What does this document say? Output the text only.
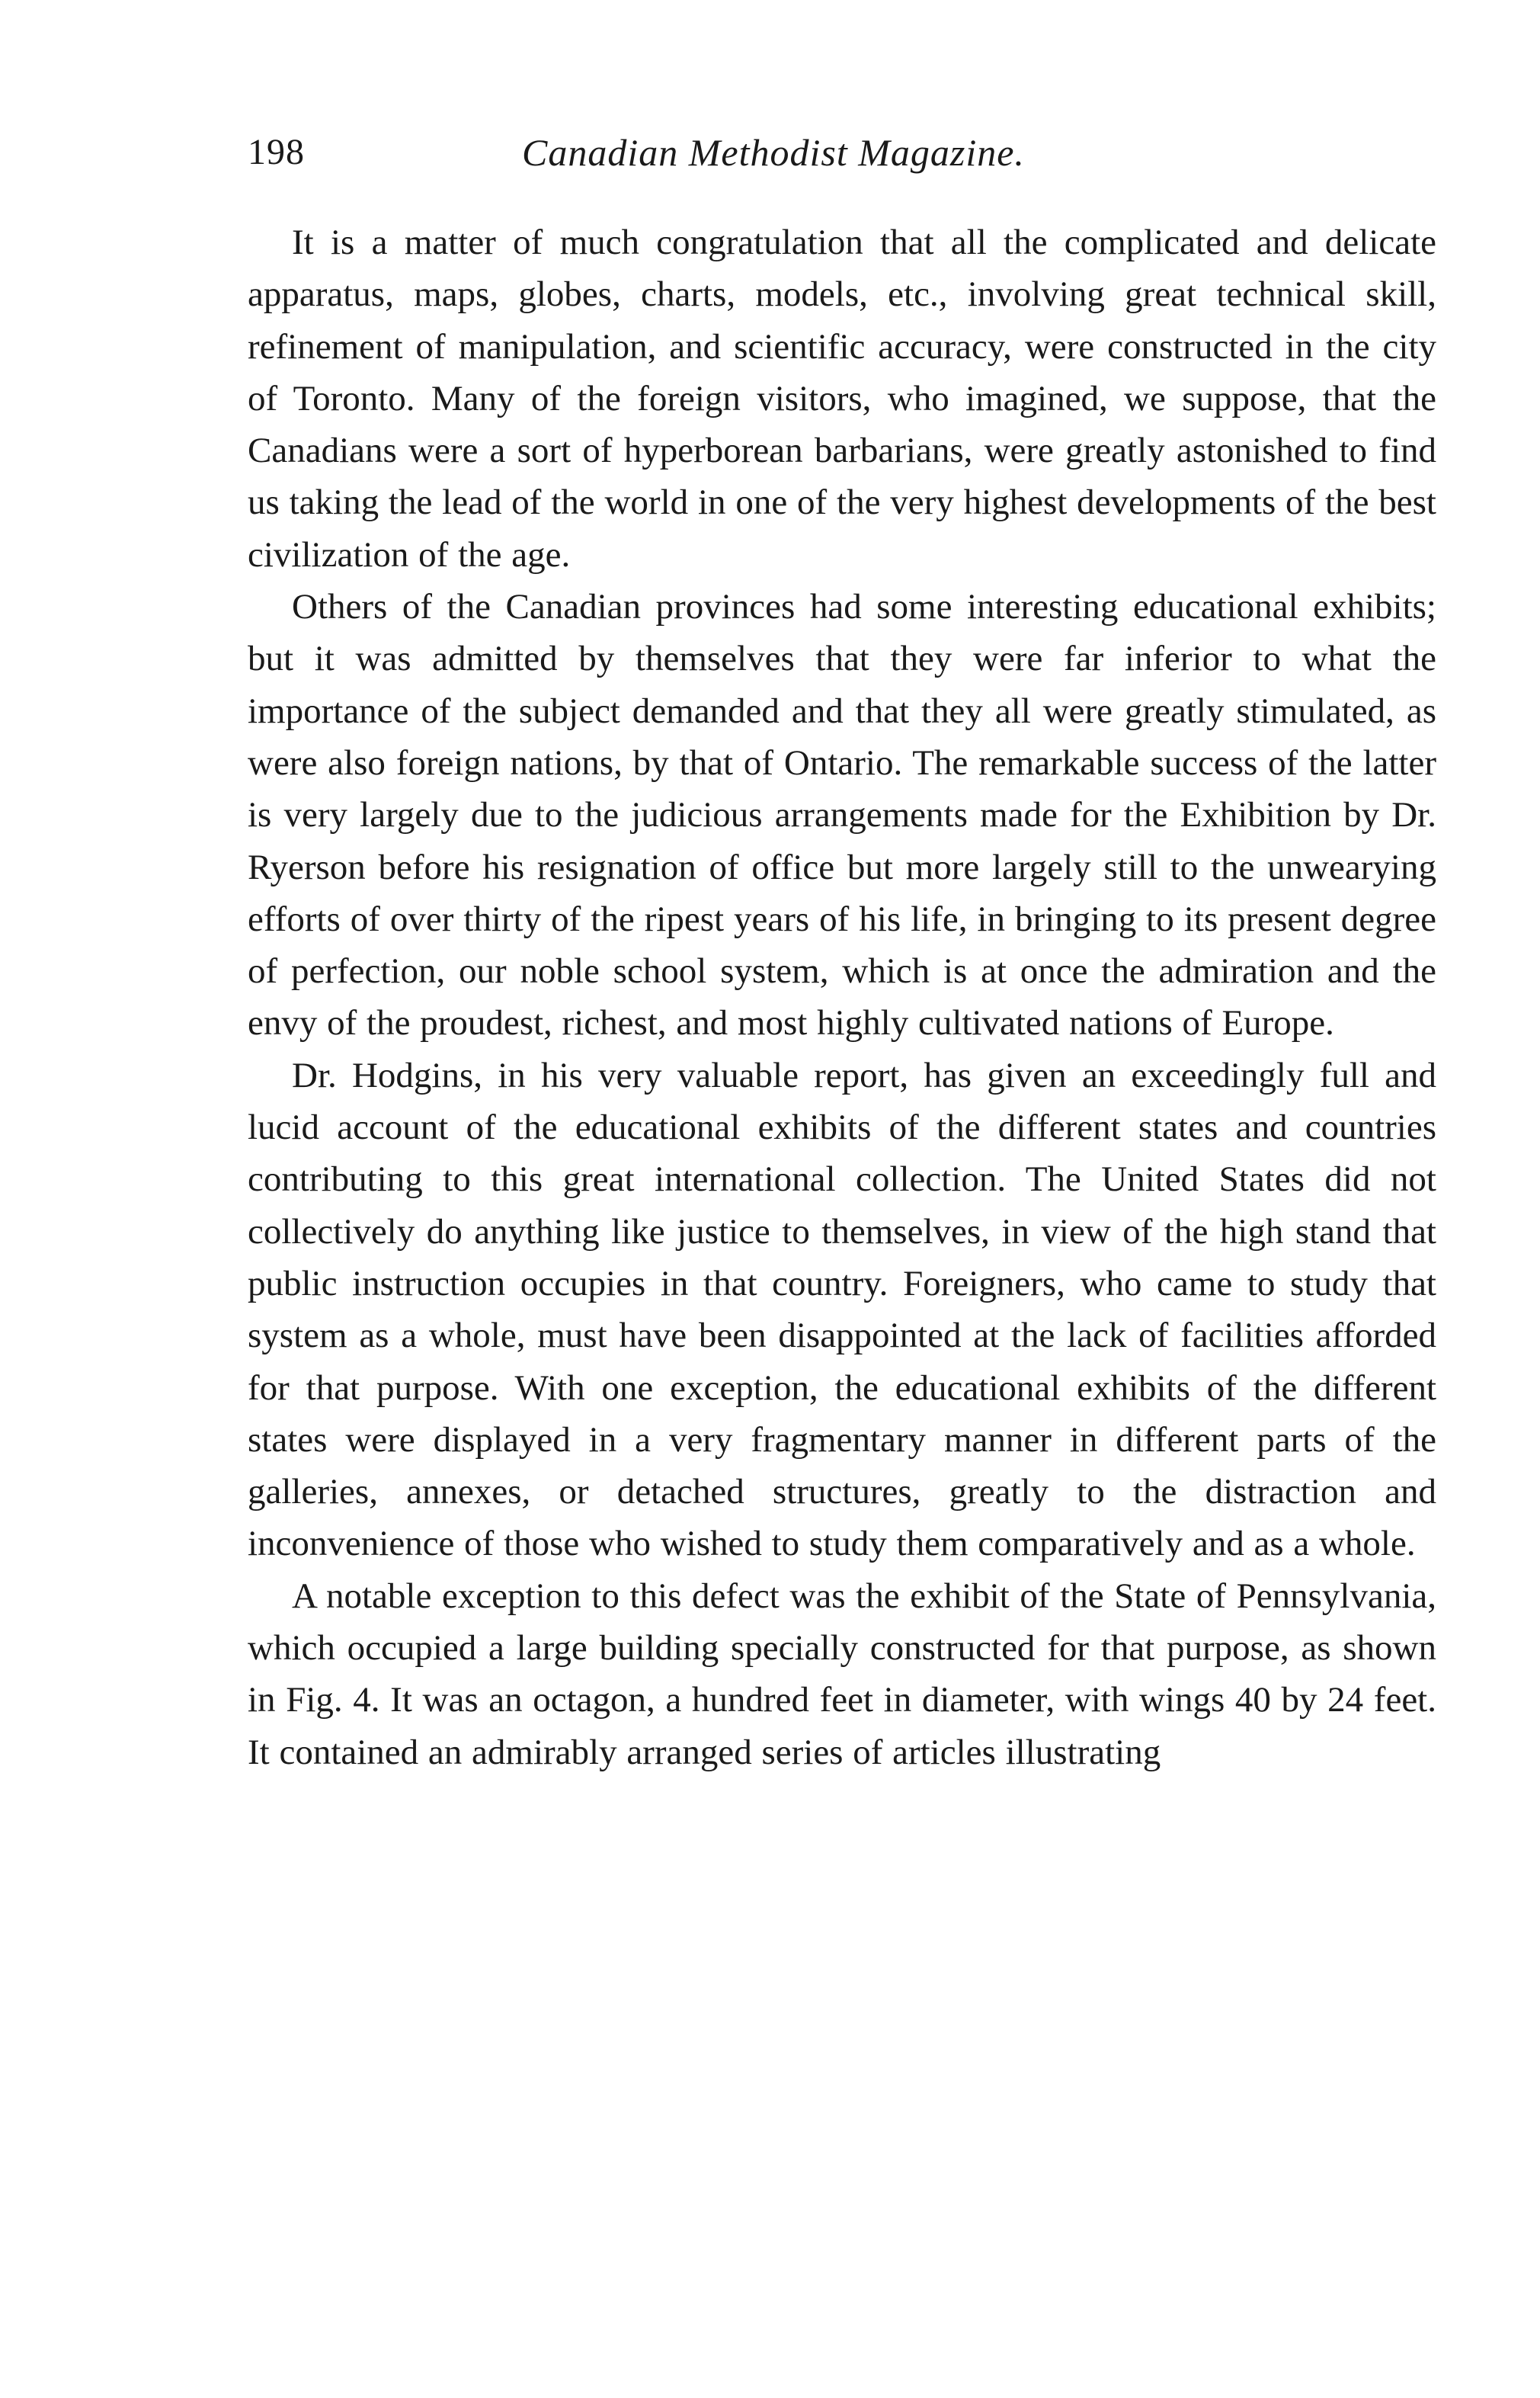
198	Canadian Methodist Magazine.

It is a matter of much congratulation that all the complicated and delicate apparatus, maps, globes, charts, models, etc., involving great technical skill, refinement of manipulation, and scientific accuracy, were constructed in the city of Toronto. Many of the foreign visitors, who imagined, we suppose, that the Canadians were a sort of hyperborean barbarians, were greatly astonished to find us taking the lead of the world in one of the very highest developments of the best civilization of the age.

Others of the Canadian provinces had some interesting educational exhibits; but it was admitted by themselves that they were far inferior to what the importance of the subject demanded and that they all were greatly stimulated, as were also foreign nations, by that of Ontario. The remarkable success of the latter is very largely due to the judicious arrangements made for the Exhibition by Dr. Ryerson before his resignation of office but more largely still to the unwearying efforts of over thirty of the ripest years of his life, in bringing to its present degree of perfection, our noble school system, which is at once the admiration and the envy of the proudest, richest, and most highly cultivated nations of Europe.

Dr. Hodgins, in his very valuable report, has given an exceedingly full and lucid account of the educational exhibits of the different states and countries contributing to this great international collection. The United States did not collectively do anything like justice to themselves, in view of the high stand that public instruction occupies in that country. Foreigners, who came to study that system as a whole, must have been disappointed at the lack of facilities afforded for that purpose. With one exception, the educational exhibits of the different states were displayed in a very fragmentary manner in different parts of the galleries, annexes, or detached structures, greatly to the distraction and inconvenience of those who wished to study them comparatively and as a whole.

A notable exception to this defect was the exhibit of the State of Pennsylvania, which occupied a large building specially constructed for that purpose, as shown in Fig. 4. It was an octagon, a hundred feet in diameter, with wings 40 by 24 feet. It contained an admirably arranged series of articles illustrating
